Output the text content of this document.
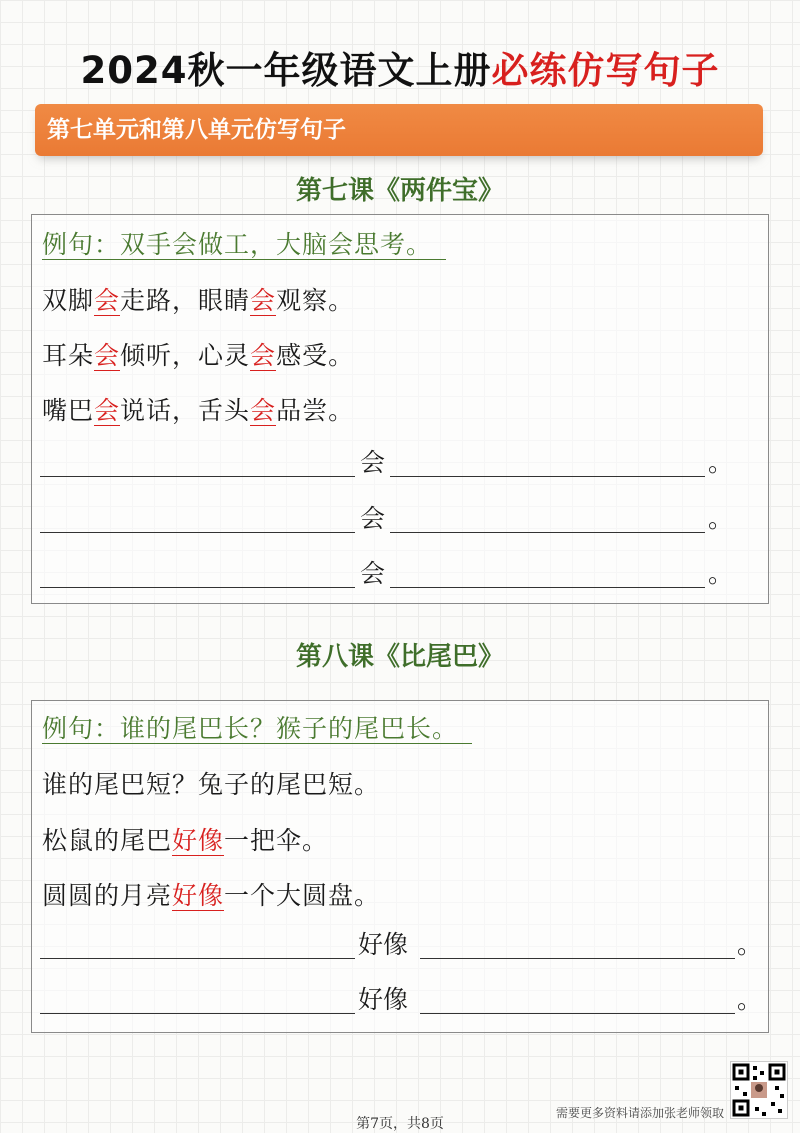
2024秋一年级语文上册必练仿写句子
第七单元和第八单元仿写句子
第七课《两件宝》
例句：双手会做工，大脑会思考。
双脚会走路，眼睛会观察。
耳朵会倾听，心灵会感受。
嘴巴会说话，舌头会品尝。
会	。
会	。
会	。
第八课《比尾巴》
例句：谁的尾巴长？猴子的尾巴长。
谁的尾巴短？兔子的尾巴短。
松鼠的尾巴好像一把伞。
圆圆的月亮好像一个大圆盘。
好像	。
好像	。
第7页，共8页
需要更多资料请添加张老师领取
